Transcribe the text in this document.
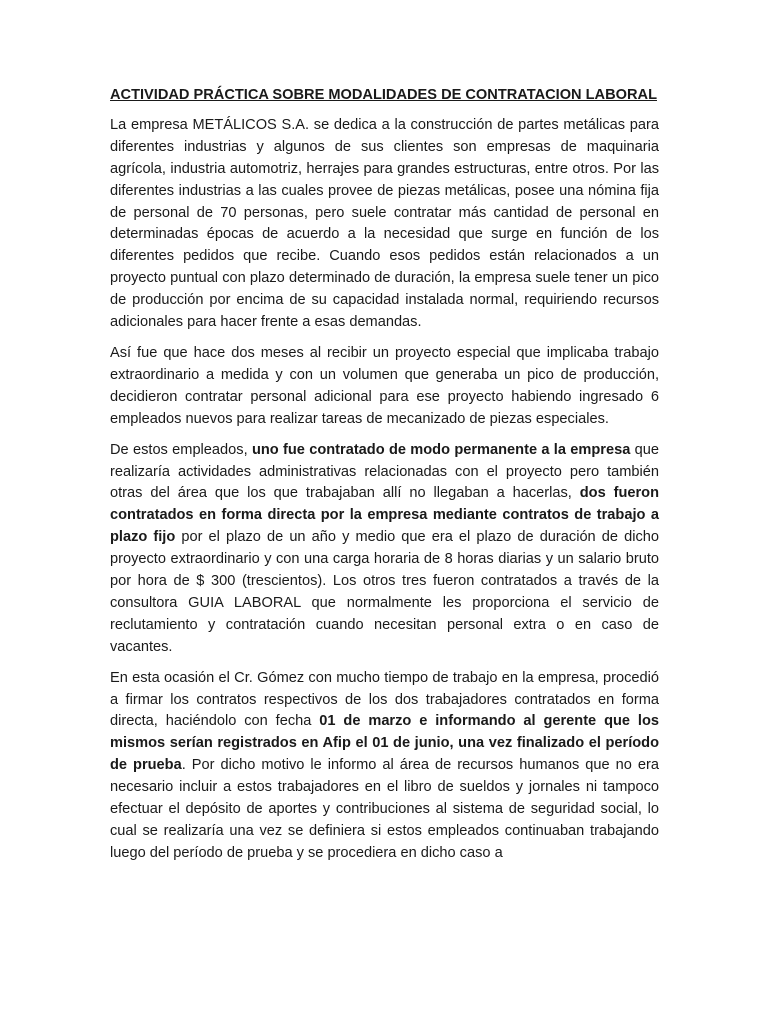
ACTIVIDAD PRÁCTICA SOBRE MODALIDADES DE CONTRATACION LABORAL

La empresa METÁLICOS S.A. se dedica a la construcción de partes metálicas para diferentes industrias y algunos de sus clientes son empresas de maquinaria agrícola, industria automotriz, herrajes para grandes estructuras, entre otros. Por las diferentes industrias a las cuales provee de piezas metálicas, posee una nómina fija de personal de 70 personas, pero suele contratar más cantidad de personal en determinadas épocas de acuerdo a la necesidad que surge en función de los diferentes pedidos que recibe. Cuando esos pedidos están relacionados a un proyecto puntual con plazo determinado de duración, la empresa suele tener un pico de producción por encima de su capacidad instalada normal, requiriendo recursos adicionales para hacer frente a esas demandas.

Así fue que hace dos meses al recibir un proyecto especial que implicaba trabajo extraordinario a medida y con un volumen que generaba un pico de producción, decidieron contratar personal adicional para ese proyecto habiendo ingresado 6 empleados nuevos para realizar tareas de mecanizado de piezas especiales.

De estos empleados, uno fue contratado de modo permanente a la empresa que realizaría actividades administrativas relacionadas con el proyecto pero también otras del área que los que trabajaban allí no llegaban a hacerlas, dos fueron contratados en forma directa por la empresa mediante contratos de trabajo a plazo fijo por el plazo de un año y medio que era el plazo de duración de dicho proyecto extraordinario y con una carga horaria de 8 horas diarias y un salario bruto por hora de $ 300 (trescientos). Los otros tres fueron contratados a través de la consultora GUIA LABORAL que normalmente les proporciona el servicio de reclutamiento y contratación cuando necesitan personal extra o en caso de vacantes.

En esta ocasión el Cr. Gómez con mucho tiempo de trabajo en la empresa, procedió a firmar los contratos respectivos de los dos trabajadores contratados en forma directa, haciéndolo con fecha 01 de marzo e informando al gerente que los mismos serían registrados en Afip el 01 de junio, una vez finalizado el período de prueba. Por dicho motivo le informo al área de recursos humanos que no era necesario incluir a estos trabajadores en el libro de sueldos y jornales ni tampoco efectuar el depósito de aportes y contribuciones al sistema de seguridad social, lo cual se realizaría una vez se definiera si estos empleados continuaban trabajando luego del período de prueba y se procediera en dicho caso a
